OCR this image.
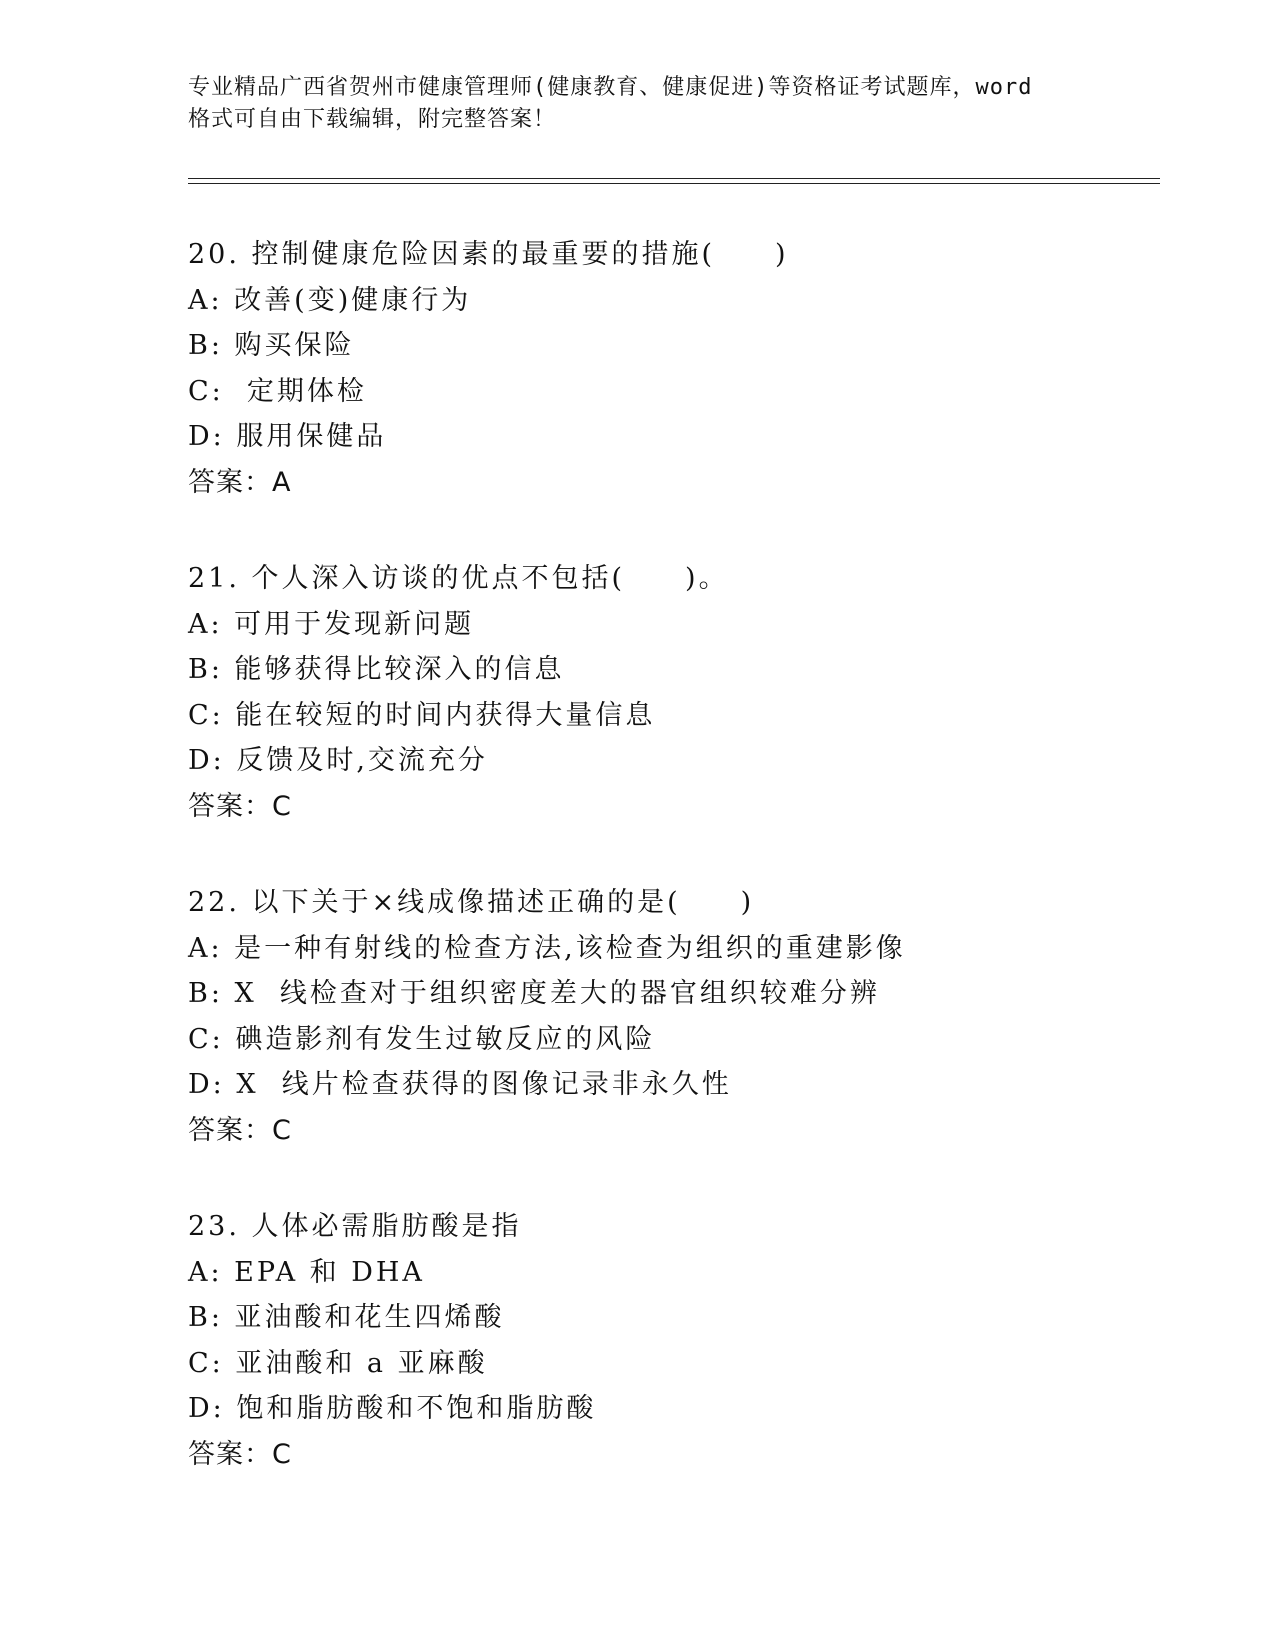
专业精品广西省贺州市健康管理师(健康教育、健康促进)等资格证考试题库，word
格式可自由下载编辑，附完整答案！
20. 控制健康危险因素的最重要的措施(　　)
A: 改善(变)健康行为
B: 购买保险
C:  定期体检
D: 服用保健品
答案：A
21. 个人深入访谈的优点不包括(　　)。
A: 可用于发现新问题
B: 能够获得比较深入的信息
C: 能在较短的时间内获得大量信息
D: 反馈及时,交流充分
答案：C
22. 以下关于×线成像描述正确的是(　　)
A: 是一种有射线的检查方法,该检查为组织的重建影像
B: X  线检查对于组织密度差大的器官组织较难分辨
C: 碘造影剂有发生过敏反应的风险
D: X  线片检查获得的图像记录非永久性
答案：C
23. 人体必需脂肪酸是指
A: EPA 和 DHA
B: 亚油酸和花生四烯酸
C: 亚油酸和 a 亚麻酸
D: 饱和脂肪酸和不饱和脂肪酸
答案：C
